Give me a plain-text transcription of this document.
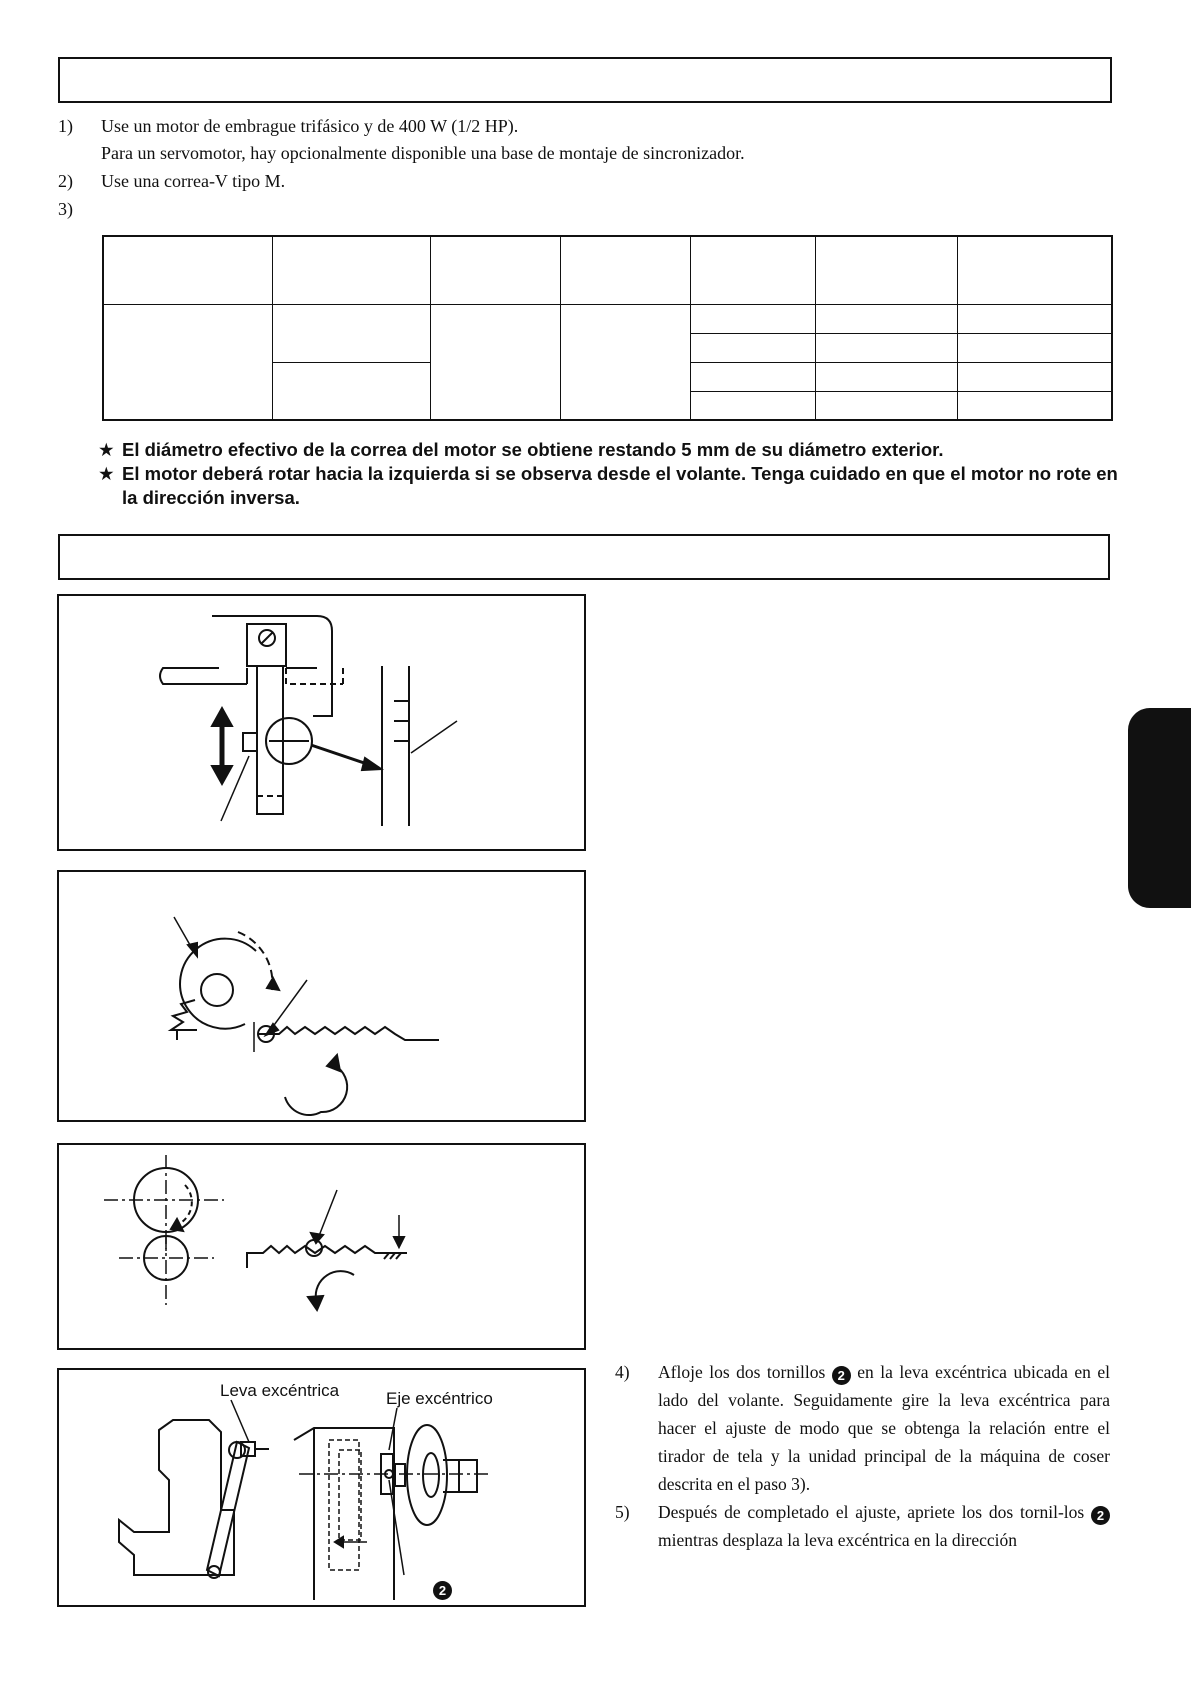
1) Use un motor de embrague trifásico y de 400 W (1/2 HP).
Para un servomotor, hay opcionalmente disponible una base de montaje de sincronizador.
2) Use una correa-V tipo M.
3)

★ El diámetro efectivo de la correa del motor se obtiene restando 5 mm de su diámetro exterior.
★ El motor deberá rotar hacia la izquierda si se observa desde el volante. Tenga cuidado en que el motor no rote en la dirección inversa.
Leva excéntrica	Eje excéntrico
2
4) Afloje los dos tornillos 2 en la leva excéntrica ubicada en el lado del volante. Seguidamente gire la leva excéntrica para hacer el ajuste de modo que se obtenga la relación entre el tirador de tela y la unidad principal de la máquina de coser descrita en el paso 3).
5) Después de completado el ajuste, apriete los dos tornil-los 2 mientras desplaza la leva excéntrica en la dirección
